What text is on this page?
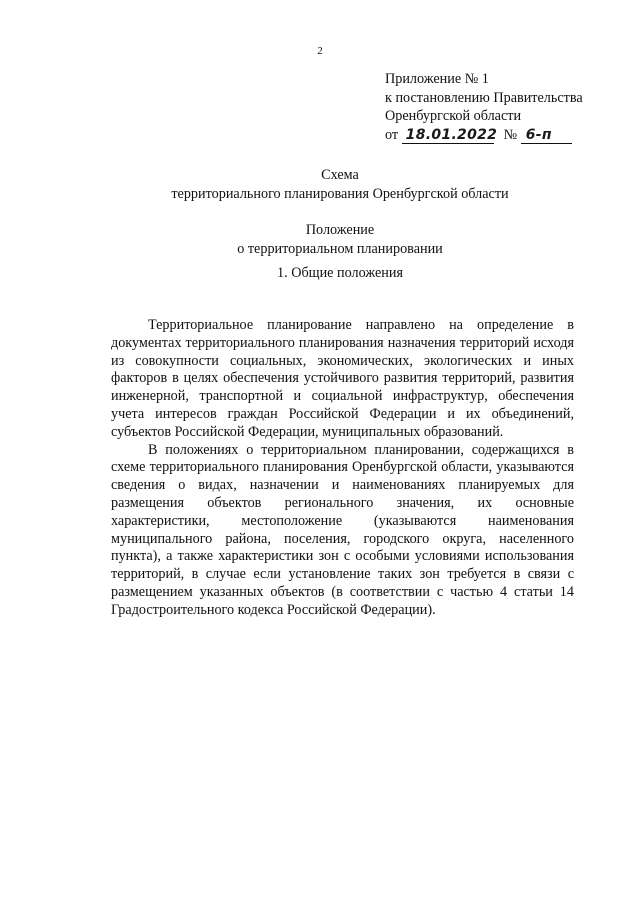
2
Приложение № 1
к постановлению Правительства
Оренбургской области
от 18.01.2022 № 6-п
Схема
территориального планирования Оренбургской области
Положение
о территориальном планировании
1. Общие положения

Территориальное планирование направлено на определение в документах территориального планирования назначения территорий исходя из совокупности социальных, экономических, экологических и иных факторов в целях обеспечения устойчивого развития территорий, развития инженерной, транспортной и социальной инфраструктур, обеспечения учета интересов граждан Российской Федерации и их объединений, субъектов Российской Федерации, муниципальных образований.

В положениях о территориальном планировании, содержащихся в схеме территориального планирования Оренбургской области, указываются сведения о видах, назначении и наименованиях планируемых для размещения объектов регионального значения, их основные характеристики, местоположение (указываются наименования муниципального района, поселения, городского округа, населенного пункта), а также характеристики зон с особыми условиями использования территорий, в случае если установление таких зон требуется в связи с размещением указанных объектов (в соответствии с частью 4 статьи 14 Градостроительного кодекса Российской Федерации).
